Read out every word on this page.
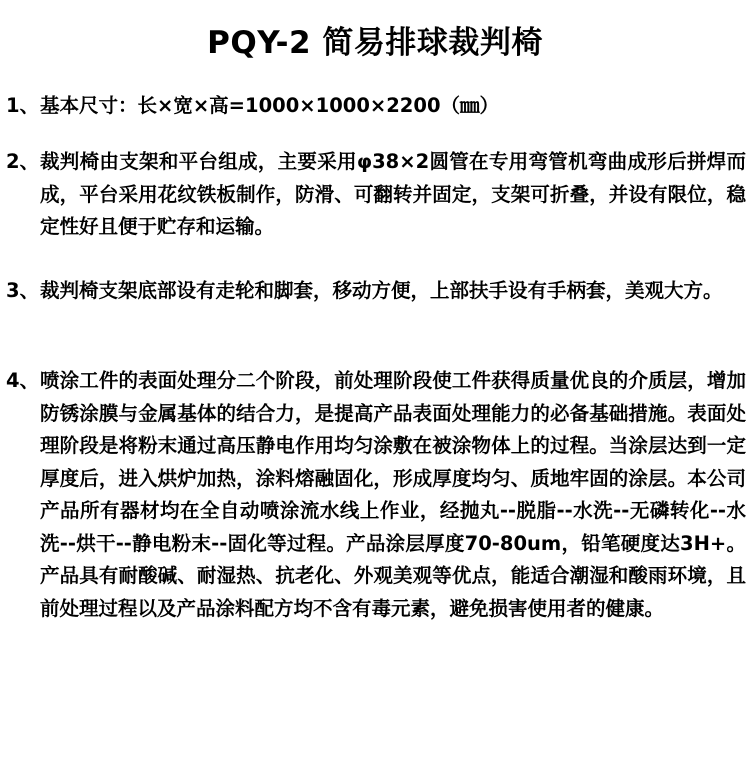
PQY-2 简易排球裁判椅
1、 基本尺寸：长×宽×高=1000×1000×2200（㎜）
2、 裁判椅由支架和平台组成，主要采用φ38×2圆管在专用弯管机弯曲成形后拼焊而成，平台采用花纹铁板制作，防滑、可翻转并固定，支架可折叠，并设有限位，稳定性好且便于贮存和运输。
3、 裁判椅支架底部设有走轮和脚套，移动方便，上部扶手设有手柄套，美观大方。
4、 喷涂工件的表面处理分二个阶段，前处理阶段使工件获得质量优良的介质层，增加防锈涂膜与金属基体的结合力，是提高产品表面处理能力的必备基础措施。表面处理阶段是将粉末通过高压静电作用均匀涂敷在被涂物体上的过程。当涂层达到一定厚度后，进入烘炉加热，涂料熔融固化，形成厚度均匀、质地牢固的涂层。本公司产品所有器材均在全自动喷涂流水线上作业，经抛丸--脱脂--水洗--无磷转化--水洗--烘干--静电粉末--固化等过程。产品涂层厚度70-80um，铅笔硬度达3H+。产品具有耐酸碱、耐湿热、抗老化、外观美观等优点，能适合潮湿和酸雨环境，且前处理过程以及产品涂料配方均不含有毒元素，避免损害使用者的健康。
